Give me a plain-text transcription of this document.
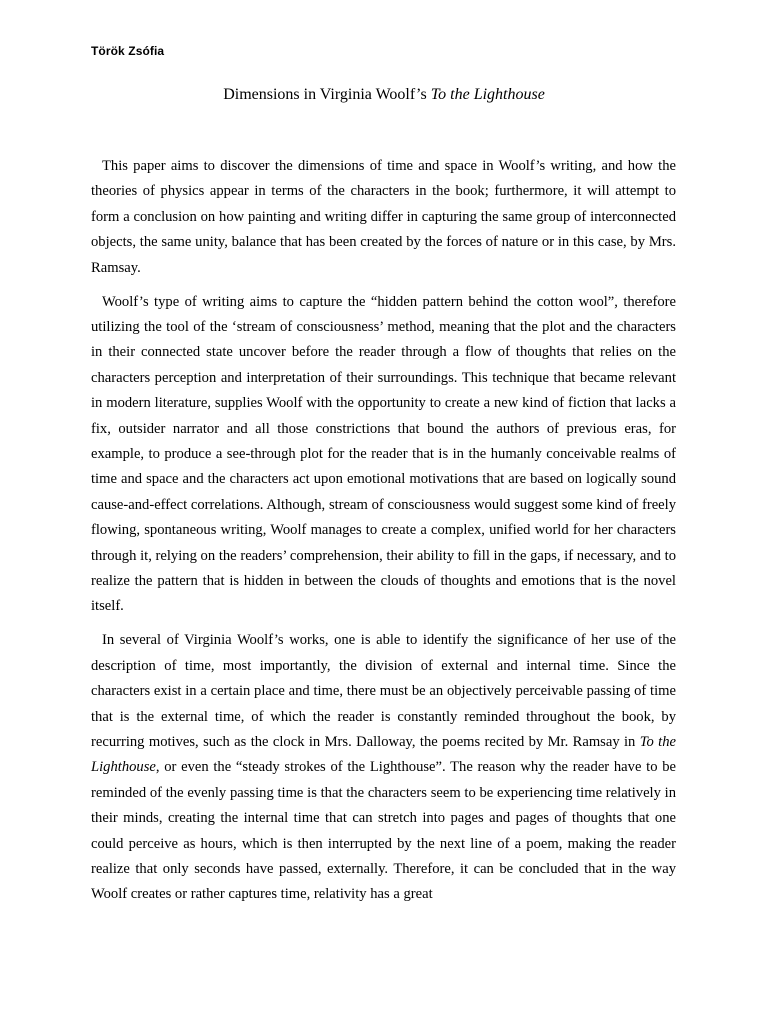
Török Zsófia
Dimensions in Virginia Woolf’s To the Lighthouse

This paper aims to discover the dimensions of time and space in Woolf’s writing, and how the theories of physics appear in terms of the characters in the book; furthermore, it will attempt to form a conclusion on how painting and writing differ in capturing the same group of interconnected objects, the same unity, balance that has been created by the forces of nature or in this case, by Mrs. Ramsay.

Woolf’s type of writing aims to capture the “hidden pattern behind the cotton wool”, therefore utilizing the tool of the ‘stream of consciousness’ method, meaning that the plot and the characters in their connected state uncover before the reader through a flow of thoughts that relies on the characters perception and interpretation of their surroundings. This technique that became relevant in modern literature, supplies Woolf with the opportunity to create a new kind of fiction that lacks a fix, outsider narrator and all those constrictions that bound the authors of previous eras, for example, to produce a see-through plot for the reader that is in the humanly conceivable realms of time and space and the characters act upon emotional motivations that are based on logically sound cause-and-effect correlations. Although, stream of consciousness would suggest some kind of freely flowing, spontaneous writing, Woolf manages to create a complex, unified world for her characters through it, relying on the readers’ comprehension, their ability to fill in the gaps, if necessary, and to realize the pattern that is hidden in between the clouds of thoughts and emotions that is the novel itself.

In several of Virginia Woolf’s works, one is able to identify the significance of her use of the description of time, most importantly, the division of external and internal time. Since the characters exist in a certain place and time, there must be an objectively perceivable passing of time that is the external time, of which the reader is constantly reminded throughout the book, by recurring motives, such as the clock in Mrs. Dalloway, the poems recited by Mr. Ramsay in To the Lighthouse, or even the “steady strokes of the Lighthouse”. The reason why the reader have to be reminded of the evenly passing time is that the characters seem to be experiencing time relatively in their minds, creating the internal time that can stretch into pages and pages of thoughts that one could perceive as hours, which is then interrupted by the next line of a poem, making the reader realize that only seconds have passed, externally. Therefore, it can be concluded that in the way Woolf creates or rather captures time, relativity has a great
